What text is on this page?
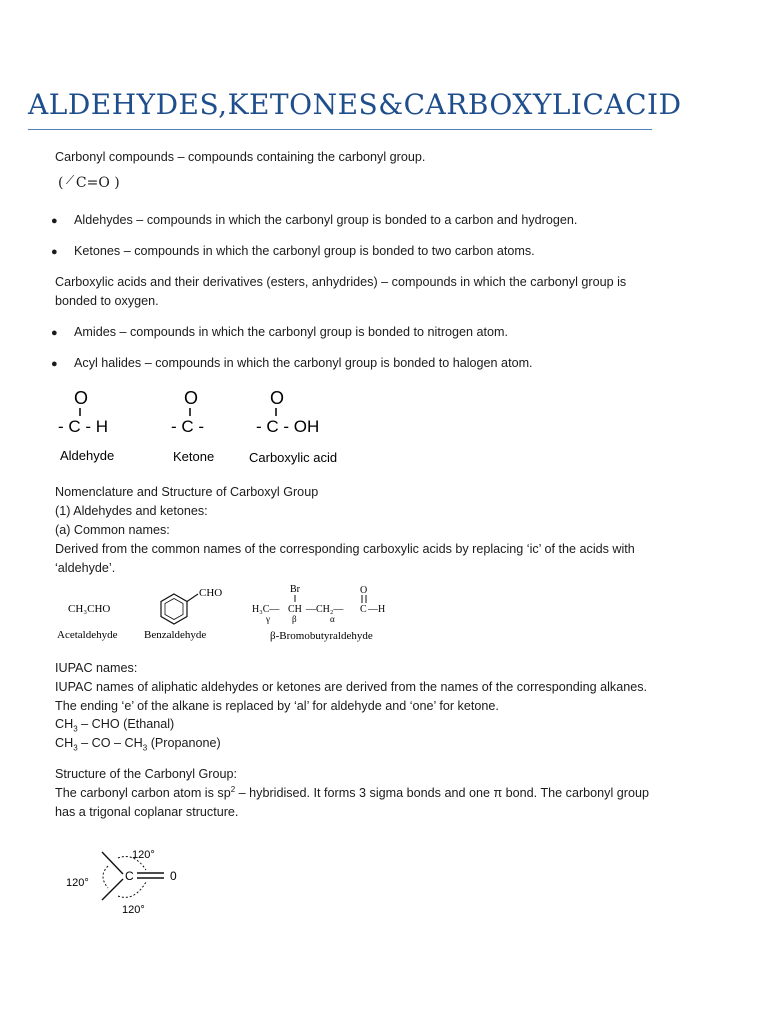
ALDEHYDES,KETONES&CARBOXYLICACID

Carbonyl compounds – compounds containing the carbonyl group.

(
⟋ C=O )
● Aldehydes – compounds in which the carbonyl group is bonded to a carbon and hydrogen.

● Ketones – compounds in which the carbonyl group is bonded to two carbon atoms.

Carboxylic acids and their derivatives (esters, anhydrides) – compounds in which the carbonyl group is bonded to oxygen.

● Amides – compounds in which the carbonyl group is bonded to nitrogen atom.

● Acyl halides – compounds in which the carbonyl group is bonded to halogen atom.

O
- C - H
Aldehyde
O
- C -
Ketone
O
- C - OH
Carboxylic acid

Nomenclature and Structure of Carboxyl Group

(1) Aldehydes and ketones:

(a) Common names:

Derived from the common names of the corresponding carboxylic acids by replacing ‘ic’ of the acids with ‘aldehyde’.

CH₃CHO
Acetaldehyde
CHO
Benzaldehyde
Br	O
H₃C— CH —CH₂— C —H
γ β	α
β-Bromobutyraldehyde

IUPAC names:

IUPAC names of aliphatic aldehydes or ketones are derived from the names of the corresponding alkanes. The ending ‘e’ of the alkane is replaced by ‘al’ for aldehyde and ‘one’ for ketone.

$CH_3$ – CHO (Ethanal)

$CH_3$ – CO – $CH_3$ (Propanone)

Structure of the Carbonyl Group:

The carbonyl carbon atom is $sp^2$ – hybridised. It forms 3 sigma bonds and one π bond. The carbonyl group has a trigonal coplanar structure.

C	0
120°
120°
120°
